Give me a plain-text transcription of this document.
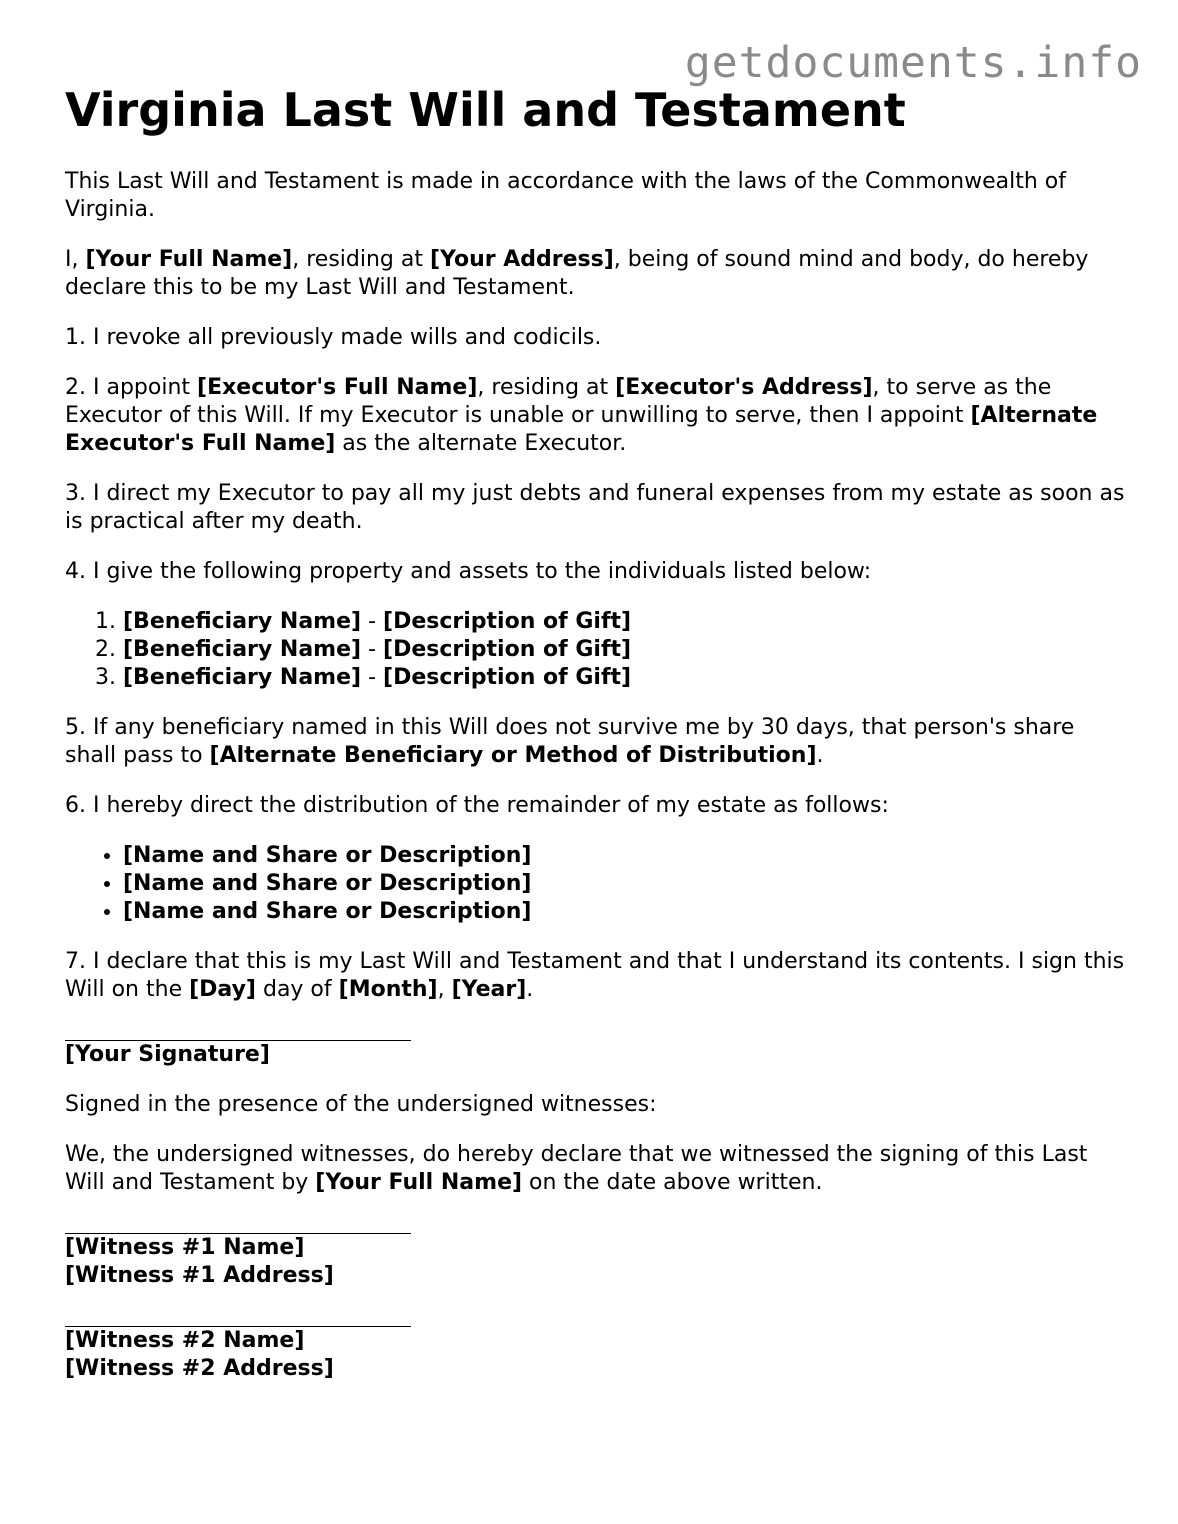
getdocuments.info
Virginia Last Will and Testament

This Last Will and Testament is made in accordance with the laws of the Commonwealth of Virginia.

I, [Your Full Name], residing at [Your Address], being of sound mind and body, do hereby declare this to be my Last Will and Testament.

1. I revoke all previously made wills and codicils.

2. I appoint [Executor's Full Name], residing at [Executor's Address], to serve as the Executor of this Will. If my Executor is unable or unwilling to serve, then I appoint [Alternate Executor's Full Name] as the alternate Executor.

3. I direct my Executor to pay all my just debts and funeral expenses from my estate as soon as is practical after my death.

4. I give the following property and assets to the individuals listed below:

1. [Beneficiary Name] - [Description of Gift]
2. [Beneficiary Name] - [Description of Gift]
3. [Beneficiary Name] - [Description of Gift]

5. If any beneficiary named in this Will does not survive me by 30 days, that person's share shall pass to [Alternate Beneficiary or Method of Distribution].

6. I hereby direct the distribution of the remainder of my estate as follows:

• [Name and Share or Description]
• [Name and Share or Description]
• [Name and Share or Description]

7. I declare that this is my Last Will and Testament and that I understand its contents. I sign this Will on the [Day] day of [Month], [Year].

[Your Signature]

Signed in the presence of the undersigned witnesses:

We, the undersigned witnesses, do hereby declare that we witnessed the signing of this Last Will and Testament by [Your Full Name] on the date above written.

[Witness #1 Name]
[Witness #1 Address]
[Witness #2 Name]
[Witness #2 Address]
